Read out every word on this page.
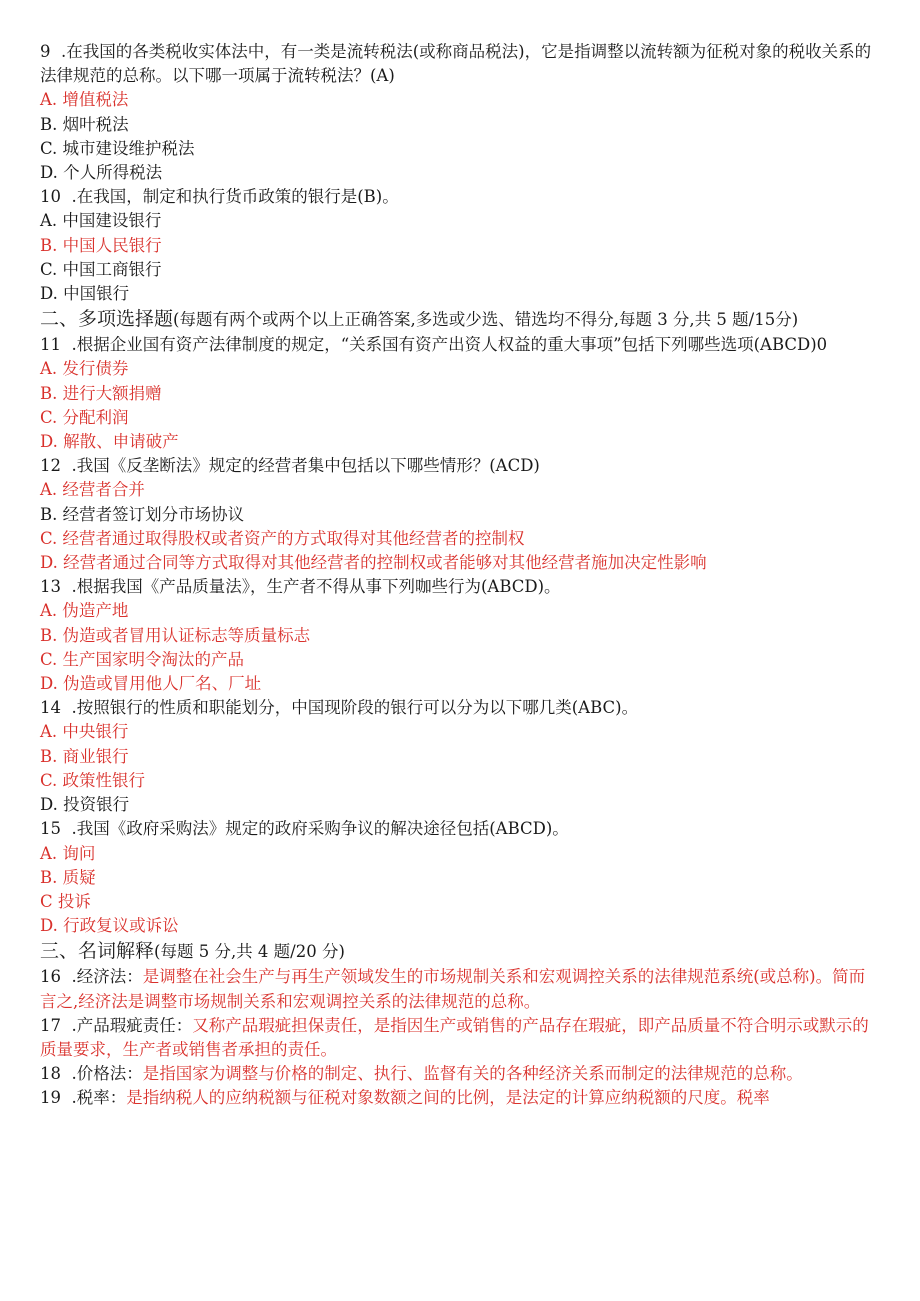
9  .在我国的各类税收实体法中，有一类是流转税法(或称商品税法)，它是指调整以流转额为征税对象的税收关系的法律规范的总称。以下哪一项属于流转税法？(A)
A. 增值税法
B. 烟叶税法
C. 城市建设维护税法
D. 个人所得税法
10  .在我国，制定和执行货币政策的银行是(B)。
A. 中国建设银行
B. 中国人民银行
C. 中国工商银行
D. 中国银行
二、多项选择题(每题有两个或两个以上正确答案,多选或少选、错选均不得分,每题 3 分,共 5 题/15分)
11  .根据企业国有资产法律制度的规定，“关系国有资产出资人权益的重大事项”包括下列哪些选项(ABCD)0
A. 发行债券
B. 进行大额捐赠
C. 分配利润
D. 解散、申请破产
12  .我国《反垄断法》规定的经营者集中包括以下哪些情形？(ACD)
A. 经营者合并
B. 经营者签订划分市场协议
C. 经营者通过取得股权或者资产的方式取得对其他经营者的控制权
D. 经营者通过合同等方式取得对其他经营者的控制权或者能够对其他经营者施加决定性影响
13  .根据我国《产品质量法》，生产者不得从事下列咖些行为(ABCD)。
A. 伪造产地
B. 伪造或者冒用认证标志等质量标志
C. 生产国家明令淘汰的产品
D. 伪造或冒用他人厂名、厂址
14  .按照银行的性质和职能划分，中国现阶段的银行可以分为以下哪几类(ABC)。
A. 中央银行
B. 商业银行
C. 政策性银行
D. 投资银行
15  .我国《政府采购法》规定的政府采购争议的解决途径包括(ABCD)。
A. 询问
B. 质疑
C 投诉
D. 行政复议或诉讼
三、名词解释(每题 5 分,共 4 题/20 分)
16  .经济法：是调整在社会生产与再生产领域发生的市场规制关系和宏观调控关系的法律规范系统(或总称)。简而言之,经济法是调整市场规制关系和宏观调控关系的法律规范的总称。
17  .产品瑕疵责任：又称产品瑕疵担保责任，是指因生产或销售的产品存在瑕疵，即产品质量不符合明示或默示的质量要求，生产者或销售者承担的责任。
18  .价格法：是指国家为调整与价格的制定、执行、监督有关的各种经济关系而制定的法律规范的总称。
19  .税率：是指纳税人的应纳税额与征税对象数额之间的比例，是法定的计算应纳税额的尺度。税率
